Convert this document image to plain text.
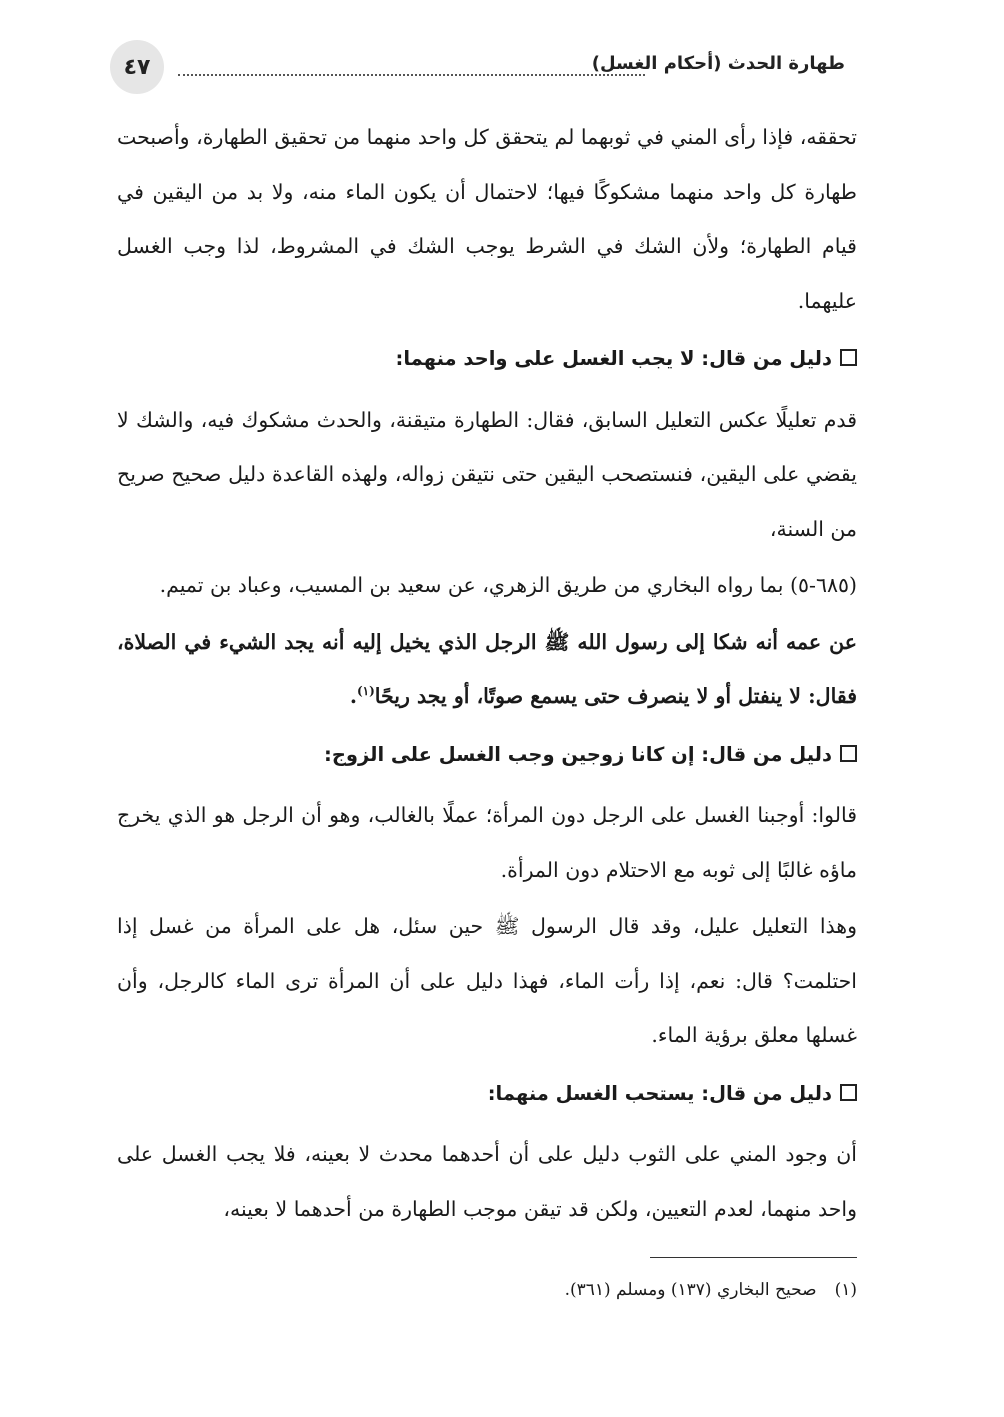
٤٧	طهارة الحدث (أحكام الغسل)

تحققه، فإذا رأى المني في ثوبهما لم يتحقق كل واحد منهما من تحقيق الطهارة، وأصبحت طهارة كل واحد منهما مشكوكًا فيها؛ لاحتمال أن يكون الماء منه، ولا بد من اليقين في قيام الطهارة؛ ولأن الشك في الشرط يوجب الشك في المشروط، لذا وجب الغسل عليهما.

دليل من قال: لا يجب الغسل على واحد منهما:

قدم تعليلًا عكس التعليل السابق، فقال: الطهارة متيقنة، والحدث مشكوك فيه، والشك لا يقضي على اليقين، فنستصحب اليقين حتى نتيقن زواله، ولهذه القاعدة دليل صحيح صريح من السنة،

(٦٨٥-٥) بما رواه البخاري من طريق الزهري، عن سعيد بن المسيب، وعباد بن تميم.

عن عمه أنه شكا إلى رسول الله ﷺ الرجل الذي يخيل إليه أنه يجد الشيء في الصلاة، فقال: لا ينفتل أو لا ينصرف حتى يسمع صوتًا، أو يجد ريحًا$^{(١)}$.

دليل من قال: إن كانا زوجين وجب الغسل على الزوج:

قالوا: أوجبنا الغسل على الرجل دون المرأة؛ عملًا بالغالب، وهو أن الرجل هو الذي يخرج ماؤه غالبًا إلى ثوبه مع الاحتلام دون المرأة.

وهذا التعليل عليل، وقد قال الرسول ﷺ حين سئل، هل على المرأة من غسل إذا احتلمت؟ قال: نعم، إذا رأت الماء، فهذا دليل على أن المرأة ترى الماء كالرجل، وأن غسلها معلق برؤية الماء.

دليل من قال: يستحب الغسل منهما:

أن وجود المني على الثوب دليل على أن أحدهما محدث لا بعينه، فلا يجب الغسل على واحد منهما، لعدم التعيين، ولكن قد تيقن موجب الطهارة من أحدهما لا بعينه،

(١)صحيح البخاري (١٣٧) ومسلم (٣٦١).
